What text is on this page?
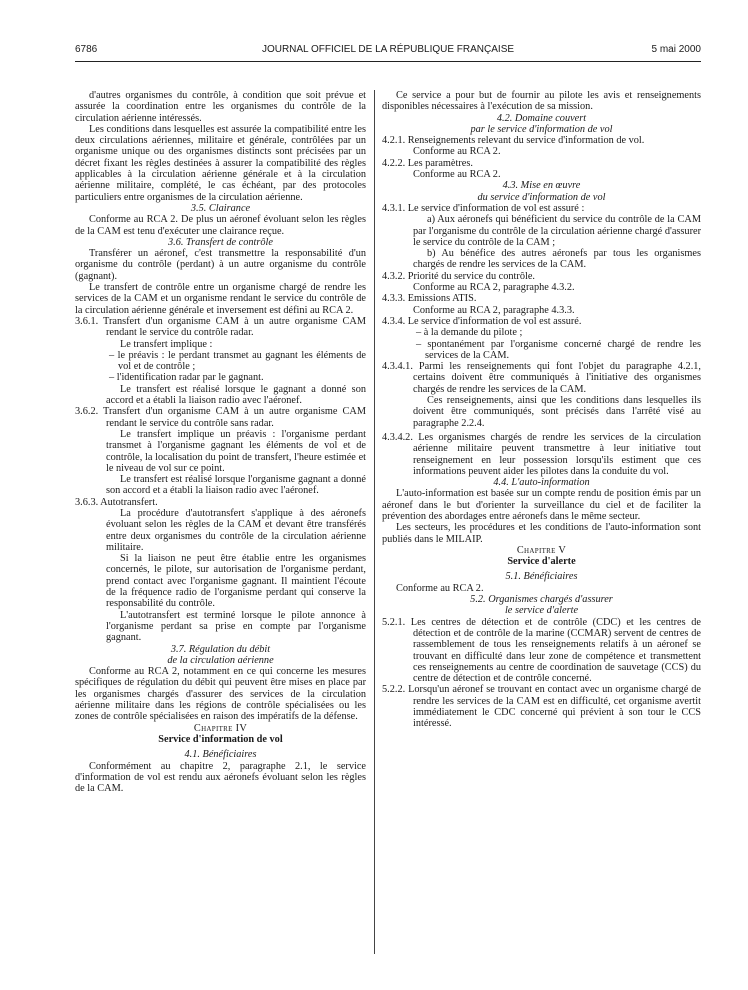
6786	JOURNAL OFFICIEL DE LA RÉPUBLIQUE FRANÇAISE	5 mai 2000

d'autres organismes du contrôle, à condition que soit prévue et assurée la coordination entre les organismes du contrôle de la circulation aérienne intéressés.

Les conditions dans lesquelles est assurée la compatibilité entre les deux circulations aériennes, militaire et générale, contrôlées par un organisme unique ou des organismes distincts sont précisées par un décret fixant les règles destinées à assurer la compatibilité des règles applicables à la circulation aérienne générale et à la circulation aérienne militaire, complété, le cas échéant, par des protocoles particuliers entre organismes de la circulation aérienne.

3.5. Clairance

Conforme au RCA 2. De plus un aéronef évoluant selon les règles de la CAM est tenu d'exécuter une clairance reçue.

3.6. Transfert de contrôle

Transférer un aéronef, c'est transmettre la responsabilité d'un organisme du contrôle (perdant) à un autre organisme du contrôle (gagnant).

Le transfert de contrôle entre un organisme chargé de rendre les services de la CAM et un organisme rendant le service du contrôle de la circulation aérienne générale et inversement est défini au RCA 2.

3.6.1. Transfert d'un organisme CAM à un autre organisme CAM rendant le service du contrôle radar.

Le transfert implique :

– le préavis : le perdant transmet au gagnant les éléments de vol et de contrôle ;

– l'identification radar par le gagnant.

Le transfert est réalisé lorsque le gagnant a donné son accord et a établi la liaison radio avec l'aéronef.

3.6.2. Transfert d'un organisme CAM à un autre organisme CAM rendant le service du contrôle sans radar.

Le transfert implique un préavis : l'organisme perdant transmet à l'organisme gagnant les éléments de vol et de contrôle, la localisation du point de transfert, l'heure estimée et le niveau de vol sur ce point.

Le transfert est réalisé lorsque l'organisme gagnant a donné son accord et a établi la liaison radio avec l'aéronef.

3.6.3. Autotransfert.

La procédure d'autotransfert s'applique à des aéronefs évoluant selon les règles de la CAM et devant être transférés entre deux organismes du contrôle de la circulation aérienne militaire.

Si la liaison ne peut être établie entre les organismes concernés, le pilote, sur autorisation de l'organisme perdant, prend contact avec l'organisme gagnant. Il maintient l'écoute de la fréquence radio de l'organisme perdant qui conserve la responsabilité du contrôle.

L'autotransfert est terminé lorsque le pilote annonce à l'organisme perdant sa prise en compte par l'organisme gagnant.

3.7. Régulation du débit

de la circulation aérienne

Conforme au RCA 2, notamment en ce qui concerne les mesures spécifiques de régulation du débit qui peuvent être mises en place par les organismes chargés d'assurer des services de la circulation aérienne militaire dans les régions de contrôle spécialisées ou les zones de contrôle spécialisées en raison des impératifs de la défense.

Chapitre IV

Service d'information de vol

4.1. Bénéficiaires

Conformément au chapitre 2, paragraphe 2.1, le service d'information de vol est rendu aux aéronefs évoluant selon les règles de la CAM.

Ce service a pour but de fournir au pilote les avis et renseignements disponibles nécessaires à l'exécution de sa mission.

4.2. Domaine couvert

par le service d'information de vol

4.2.1. Renseignements relevant du service d'information de vol.

Conforme au RCA 2.

4.2.2. Les paramètres.

Conforme au RCA 2.

4.3. Mise en œuvre

du service d'information de vol

4.3.1. Le service d'information de vol est assuré :

a) Aux aéronefs qui bénéficient du service du contrôle de la CAM par l'organisme du contrôle de la circulation aérienne chargé d'assurer le service du contrôle de la CAM ;

b) Au bénéfice des autres aéronefs par tous les organismes chargés de rendre les services de la CAM.

4.3.2. Priorité du service du contrôle.

Conforme au RCA 2, paragraphe 4.3.2.

4.3.3. Emissions ATIS.

Conforme au RCA 2, paragraphe 4.3.3.

4.3.4. Le service d'information de vol est assuré.

– à la demande du pilote ;

– spontanément par l'organisme concerné chargé de rendre les services de la CAM.

4.3.4.1. Parmi les renseignements qui font l'objet du paragraphe 4.2.1, certains doivent être communiqués à l'initiative des organismes chargés de rendre les services de la CAM.

Ces renseignements, ainsi que les conditions dans lesquelles ils doivent être communiqués, sont précisés dans l'arrêté visé au paragraphe 2.2.4.

4.3.4.2. Les organismes chargés de rendre les services de la circulation aérienne militaire peuvent transmettre à leur initiative tout renseignement en leur possession lorsqu'ils estiment que ces informations peuvent aider les pilotes dans la conduite du vol.

4.4. L'auto-information

L'auto-information est basée sur un compte rendu de position émis par un aéronef dans le but d'orienter la surveillance du ciel et de faciliter la prévention des abordages entre aéronefs dans le même secteur.

Les secteurs, les procédures et les conditions de l'auto-information sont publiés dans le MILAIP.

Chapitre V

Service d'alerte

5.1. Bénéficiaires

Conforme au RCA 2.

5.2. Organismes chargés d'assurer

le service d'alerte

5.2.1. Les centres de détection et de contrôle (CDC) et les centres de détection et de contrôle de la marine (CCMAR) servent de centres de rassemblement de tous les renseignements relatifs à un aéronef se trouvant en difficulté dans leur zone de compétence et transmettent ces renseignements au centre de coordination de sauvetage (CCS) du centre de détection et de contrôle concerné.

5.2.2. Lorsqu'un aéronef se trouvant en contact avec un organisme chargé de rendre les services de la CAM est en difficulté, cet organisme avertit immédiatement le CDC concerné qui prévient à son tour le CCS intéressé.
